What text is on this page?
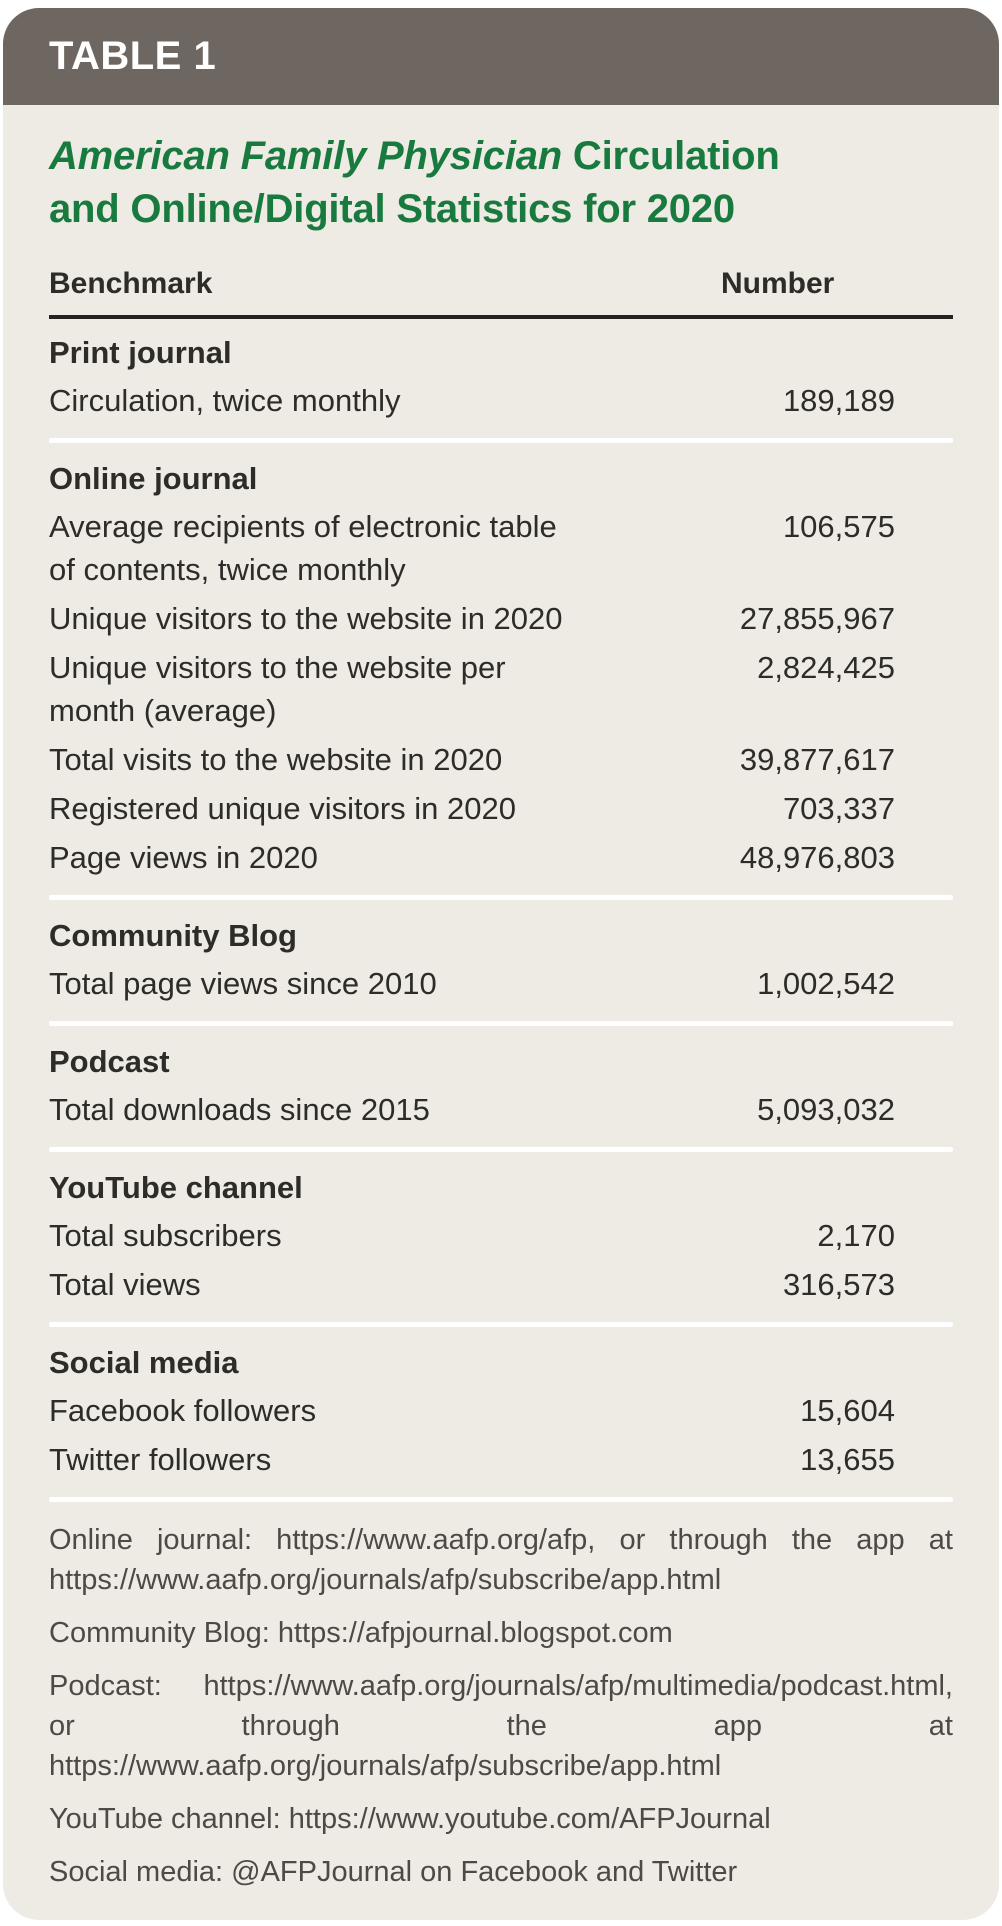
TABLE 1
American Family Physician Circulation and Online/Digital Statistics for 2020
Benchmark	Number
Print journal
Circulation, twice monthly	189,189
Online journal
Average recipients of electronic table of contents, twice monthly
106,575
Unique visitors to the website in 2020	27,855,967
Unique visitors to the website per month (average)
2,824,425
Total visits to the website in 2020	39,877,617
Registered unique visitors in 2020	703,337
Page views in 2020	48,976,803
Community Blog
Total page views since 2010	1,002,542
Podcast
Total downloads since 2015	5,093,032
YouTube channel
Total subscribers	2,170
Total views	316,573
Social media
Facebook followers	15,604
Twitter followers	13,655

Online journal: https://www.aafp.org/afp, or through the app at https://www.aafp.org/journals/afp/subscribe/app.html

Community Blog: https://afpjournal.blogspot.com

Podcast: https://www.aafp.org/journals/afp/multimedia/podcast.html, or through the app at https://www.aafp.org/journals/afp/subscribe/app.html

YouTube channel: https://www.youtube.com/AFPJournal

Social media: @AFPJournal on Facebook and Twitter
